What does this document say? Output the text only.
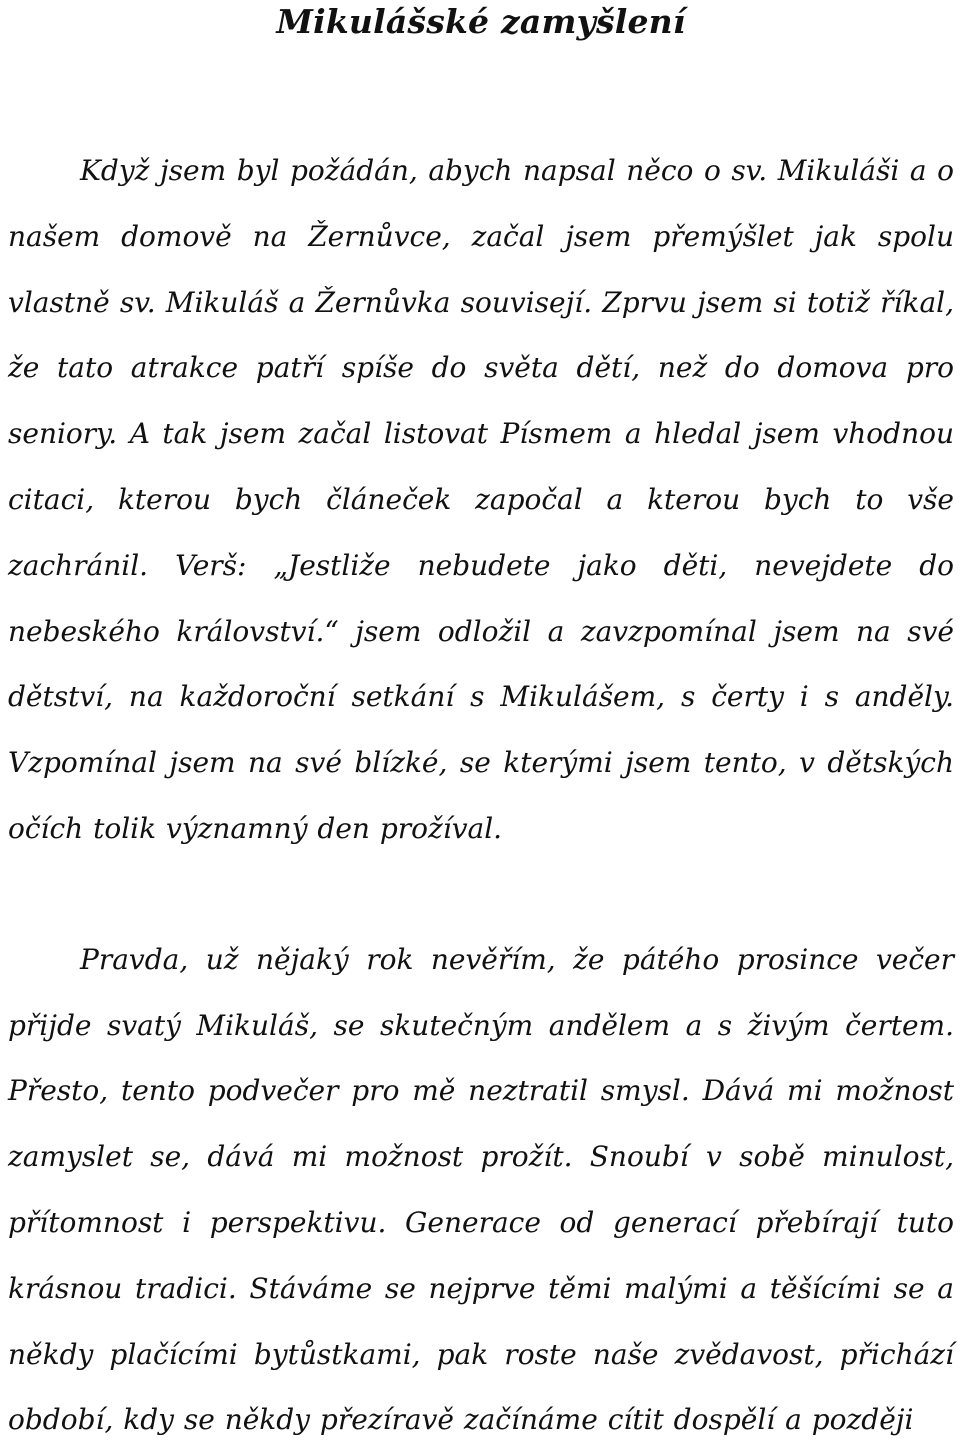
Mikulášské zamyšlení

Když jsem byl požádán, abych napsal něco o sv. Mikuláši a o našem domově na Žernůvce, začal jsem přemýšlet jak spolu vlastně sv. Mikuláš a Žernůvka souvisejí. Zprvu jsem si totiž říkal, že tato atrakce patří spíše do světa dětí, než do domova pro seniory. A tak jsem začal listovat Písmem a hledal jsem vhodnou citaci, kterou bych článeček započal a kterou bych to vše zachránil. Verš: „Jestliže nebudete jako děti, nevejdete do nebeského království.“ jsem odložil a zavzpomínal jsem na své dětství, na každoroční setkání s Mikulášem, s čerty i s anděly. Vzpomínal jsem na své blízké, se kterými jsem tento, v dětských očích tolik významný den prožíval.

Pravda, už nějaký rok nevěřím, že pátého prosince večer přijde svatý Mikuláš, se skutečným andělem a s živým čertem. Přesto, tento podvečer pro mě neztratil smysl. Dává mi možnost zamyslet se, dává mi možnost prožít. Snoubí v sobě minulost, přítomnost i perspektivu. Generace od generací přebírají tuto krásnou tradici. Stáváme se nejprve těmi malými a těšícími se a někdy plačícími bytůstkami, pak roste naše zvědavost, přichází období, kdy se někdy přezíravě začínáme cítit dospělí a později
